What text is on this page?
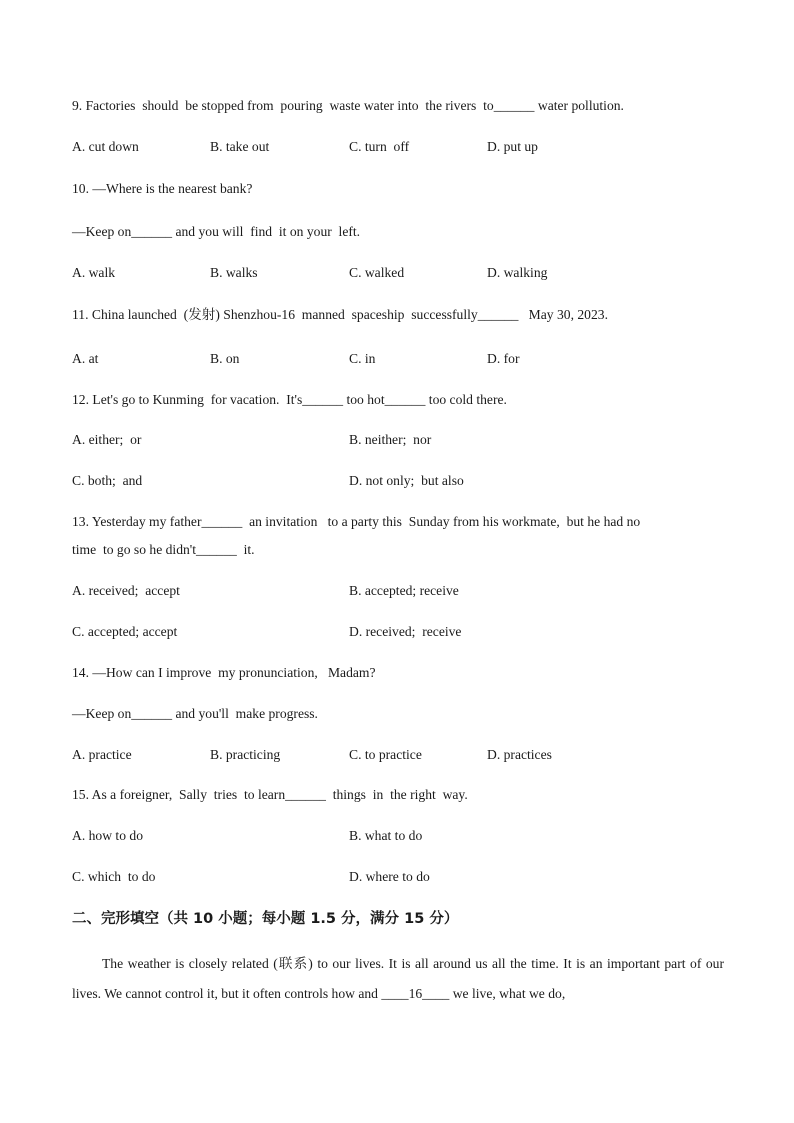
9. Factories  should  be stopped from  pouring  waste water into  the rivers  to______ water pollution.
A. cut down	B. take out	C. turn  off	D. put up
10. —Where is the nearest bank?
—Keep on______ and you will  find  it on your  left.
A. walk	B. walks	C. walked	D. walking
11. China launched  (发射) Shenzhou-16  manned  spaceship  successfully______   May 30, 2023.
A. at	B. on	C. in	D. for
12. Let's go to Kunming  for vacation.  It's______ too hot______ too cold there.
A. either;  or	B. neither;  nor
C. both;  and	D. not only;  but also
13. Yesterday my father______  an invitation   to a party this  Sunday from his workmate,  but he had no
time  to go so he didn't______  it.
A. received;  accept	B. accepted; receive
C. accepted; accept	D. received;  receive
14. —How can I improve  my pronunciation,   Madam?
—Keep on______ and you'll  make progress.
A. practice	B. practicing	C. to practice	D. practices
15. As a foreigner,  Sally  tries  to learn______  things  in  the right  way.
A. how to do	B. what to do
C. which  to do	D. where to do
二、完形填空（共 10 小题；每小题 1.5 分，满分 15 分）
The weather is closely related (联系) to our lives. It is all around us all the time. It is an important part of our lives. We cannot control it, but it often controls how and ____16____ we live, what we do,
